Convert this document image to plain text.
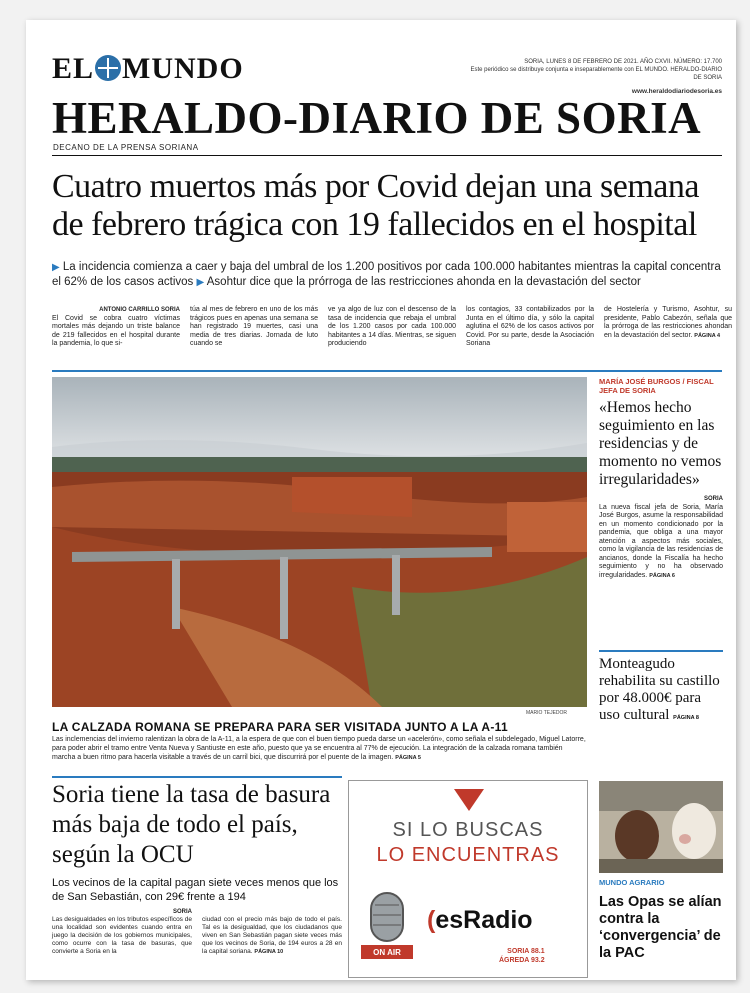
EL MUNDO	SORIA, LUNES 8 DE FEBRERO DE 2021. AÑO CXVII. NÚMERO: 17.700
Este periódico se distribuye conjunta e inseparablemente con EL MUNDO. HERALDO-DIARIO DE SORIA
www.heraldodiariodesoria.es
HERALDO-DIARIO DE SORIA
DECANO DE LA PRENSA SORIANA
Cuatro muertos más por Covid dejan una semana de febrero trágica con 19 fallecidos en el hospital
▶ La incidencia comienza a caer y baja del umbral de los 1.200 positivos por cada 100.000 habitantes mientras la capital concentra el 62% de los casos activos ▶ Asohtur dice que la prórroga de las restricciones ahonda en la devastación del sector
ANTONIO CARRILLO SORIA
El Covid se cobra cuatro víctimas mortales más dejando un triste balance de 219 fallecidos en el hospital durante la pandemia, lo que si-
túa al mes de febrero en uno de los más trágicos pues en apenas una semana se han registrado 19 muertes, casi una media de tres diarias. Jornada de luto cuando se
ve ya algo de luz con el descenso de la tasa de incidencia que rebaja el umbral de los 1.200 casos por cada 100.000 habitantes a 14 días. Mientras, se siguen produciendo
los contagios, 33 contabilizados por la Junta en el último día, y sólo la capital aglutina el 62% de los casos activos por Covid. Por su parte, desde la Asociación Soriana
de Hostelería y Turismo, Asohtur, su presidente, Pablo Cabezón, señala que la prórroga de las restricciones ahondan en la devastación del sector. PÁGINA 4
MARIO TEJEDOR
LA CALZADA ROMANA SE PREPARA PARA SER VISITADA JUNTO A LA A-11
Las inclemencias del invierno ralentizan la obra de la A-11, a la espera de que con el buen tiempo pueda darse un «acelerón», como señala el subdelegado, Miguel Latorre, para poder abrir el tramo entre Venta Nueva y Santiuste en este año, puesto que ya se encuentra al 77% de ejecución. La integración de la calzada romana también marcha a buen ritmo para hacerla visitable a través de un carril bici, que discurrirá por el puente de la imagen. PÁGINA 5
MARÍA JOSÉ BURGOS / FISCAL JEFA DE SORIA
«Hemos hecho seguimiento en las residencias y de momento no vemos irregularidades»
SORIA
La nueva fiscal jefa de Soria, María José Burgos, asume la responsabilidad en un momento condicionado por la pandemia, que obliga a una mayor atención a aspectos más sociales, como la vigilancia de las residencias de ancianos, donde la Fiscalía ha hecho seguimiento y no ha observado irregularidades. PÁGINA 6
Monteagudo rehabilita su castillo por 48.000€ para uso cultural PÁGINA 8
Soria tiene la tasa de basura más baja de todo el país, según la OCU
Los vecinos de la capital pagan siete veces menos que los de San Sebastián, con 29€ frente a 194
SORIA
Las desigualdades en los tributos específicos de una localidad son evidentes cuando entra en juego la decisión de los gobiernos municipales, como ocurre con la tasa de basuras, que convierte a Soria en la
ciudad con el precio más bajo de todo el país. Tal es la desigualdad, que los ciudadanos que viven en San Sebastián pagan siete veces más que los vecinos de Soria, de 194 euros a 28 en la capital soriana. PÁGINA 10
SI LO BUSCAS
LO ENCUENTRAS
ON AIR
(esRadio
SORIA 88.1
ÁGREDA 93.2
MUNDO AGRARIO
Las Opas se alían contra la ‘convergencia’ de la PAC
